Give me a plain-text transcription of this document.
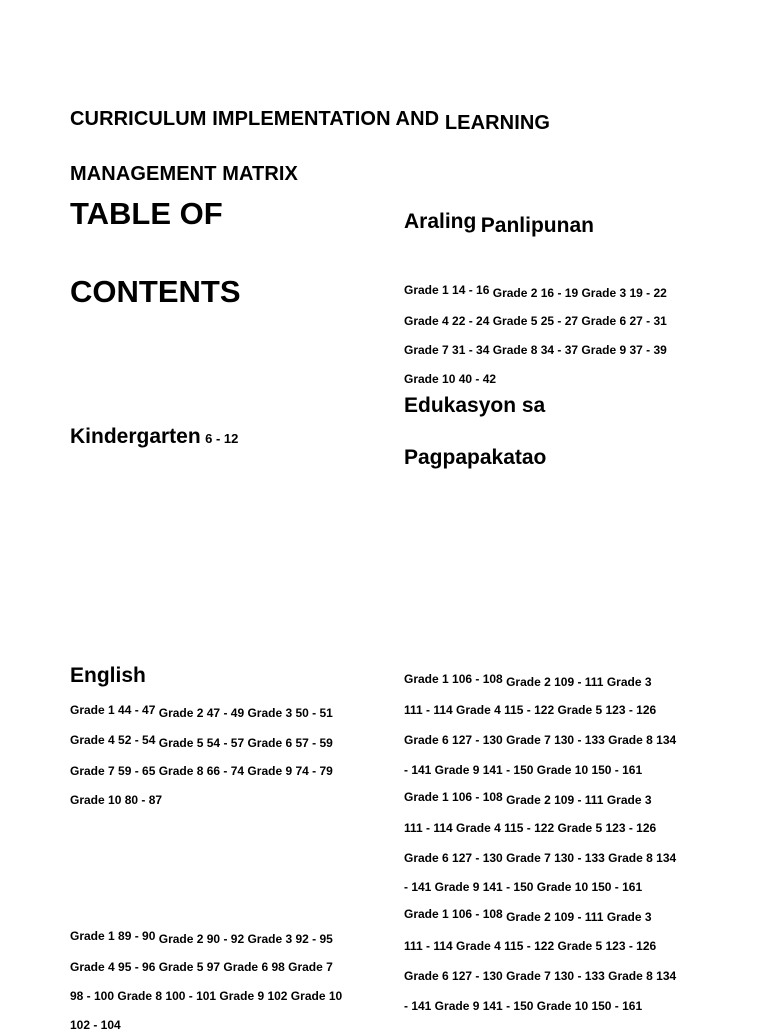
CURRICULUM IMPLEMENTATION AND LEARNING
MANAGEMENT MATRIX
TABLE OF
CONTENTS
Kindergarten 6 - 12
English
Grade 1 44 - 47 Grade 2 47 - 49 Grade 3 50 - 51
Grade 4 52 - 54 Grade 5 54 - 57 Grade 6 57 - 59
Grade 7 59 - 65 Grade 8 66 - 74 Grade 9 74 - 79
Grade 10 80 - 87
Grade 1 89 - 90 Grade 2 90 - 92 Grade 3 92 - 95
Grade 4 95 - 96 Grade 5 97 Grade 6 98 Grade 7
98 - 100 Grade 8 100 - 101 Grade 9 102 Grade 10
102 - 104
Araling Panlipunan
Grade 1 14 - 16 Grade 2 16 - 19 Grade 3 19 - 22
Grade 4 22 - 24 Grade 5 25 - 27 Grade 6 27 - 31
Grade 7 31 - 34 Grade 8 34 - 37 Grade 9 37 - 39
Grade 10 40 - 42
Edukasyon sa
Pagpapakatao
Grade 1 106 - 108 Grade 2 109 - 111 Grade 3
111 - 114 Grade 4 115 - 122 Grade 5 123 - 126
Grade 6 127 - 130 Grade 7 130 - 133 Grade 8 134
- 141 Grade 9 141 - 150 Grade 10 150 - 161
Grade 1 106 - 108 Grade 2 109 - 111 Grade 3
111 - 114 Grade 4 115 - 122 Grade 5 123 - 126
Grade 6 127 - 130 Grade 7 130 - 133 Grade 8 134
- 141 Grade 9 141 - 150 Grade 10 150 - 161
Grade 1 106 - 108 Grade 2 109 - 111 Grade 3
111 - 114 Grade 4 115 - 122 Grade 5 123 - 126
Grade 6 127 - 130 Grade 7 130 - 133 Grade 8 134
- 141 Grade 9 141 - 150 Grade 10 150 - 161
